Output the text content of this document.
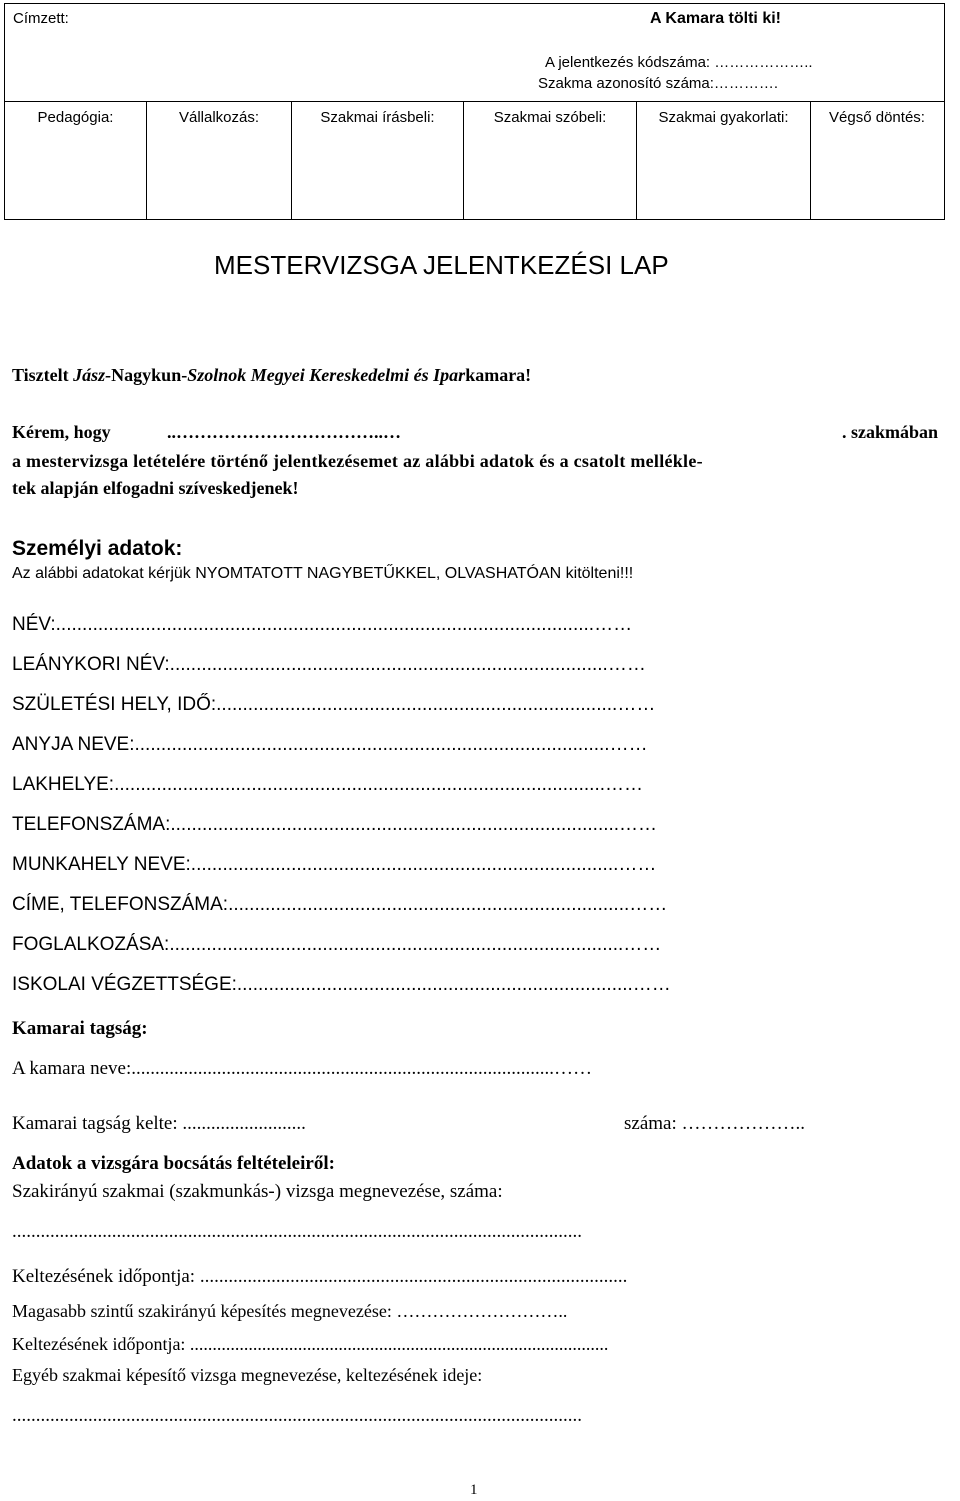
Címzett:	A Kamara tölti ki!
A jelentkezés kódszáma: ………………..
Szakma azonosító száma:………….
Pedagógia:	Vállalkozás:	Szakmai írásbeli:	Szakmai szóbeli:	Szakmai gyakorlati:	Végső döntés:
MESTERVIZSGA JELENTKEZÉSI LAP
Tisztelt Jász-Nagykun-Szolnok Megyei Kereskedelmi és Iparkamara!
Kérem, hogy	..……………………………..…	. szakmában
a mestervizsga letételére történő jelentkezésemet az alábbi adatok és a csatolt mellékle-
tek alapján elfogadni szíveskedjenek!
Személyi adatok:
Az alábbi adatokat kérjük NYOMTATOTT NAGYBETŰKKEL, OLVASHATÓAN kitölteni!!!
NÉV:......................................................................................................……
LEÁNYKORI NÉV:...................................................................................……
SZÜLETÉSI HELY, IDŐ:............................................................................……
ANYJA NEVE:..........................................................................................……
LAKHELYE:.............................................................................................……
TELEFONSZÁMA:.....................................................................................……
MUNKAHELY NEVE:.................................................................................……
CÍME, TELEFONSZÁMA:............................................................................……
FOGLALKOZÁSA:......................................................................................……
ISKOLAI VÉGZETTSÉGE:...........................................................................……
Kamarai tagság:
A kamara neve:.........................................................................................……
Kamarai tagság kelte: ..........................	száma: ………………..
Adatok a vizsgára bocsátás feltételeiről:
Szakirányú szakmai (szakmunkás-) vizsga megnevezése, száma:
........................................................................................................................
Keltezésének időpontja: ..........................................................................................
Magasabb szintű szakirányú képesítés megnevezése: ………………………..
Keltezésének időpontja: .............................................................................................
Egyéb szakmai képesítő vizsga megnevezése, keltezésének ideje:
........................................................................................................................
1
